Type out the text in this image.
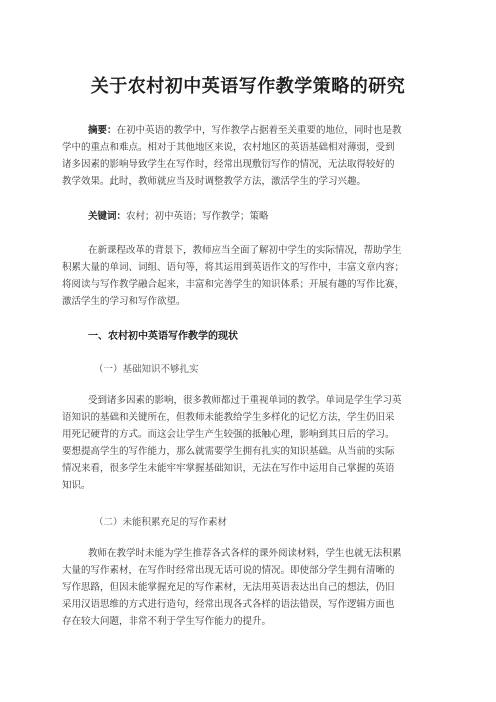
关于农村初中英语写作教学策略的研究
摘要：在初中英语的教学中，写作教学占据着至关重要的地位，同时也是教
学中的重点和难点。相对于其他地区来说，农村地区的英语基础相对薄弱，受到
诸多因素的影响导致学生在写作时，经常出现敷衍写作的情况，无法取得较好的
教学效果。此时，教师就应当及时调整教学方法，激活学生的学习兴趣。
关键词：农村；初中英语；写作教学；策略
在新课程改革的背景下，教师应当全面了解初中学生的实际情况，帮助学生
积累大量的单词、词组、语句等，将其运用到英语作文的写作中，丰富文章内容；
将阅读与写作教学融合起来，丰富和完善学生的知识体系；开展有趣的写作比赛，
激活学生的学习和写作欲望。
一、农村初中英语写作教学的现状
（一）基础知识不够扎实
受到诸多因素的影响，很多教师都过于重视单词的教学。单词是学生学习英
语知识的基础和关键所在，但教师未能教给学生多样化的记忆方法，学生仍旧采
用死记硬背的方式。而这会让学生产生较强的抵触心理，影响到其日后的学习。
要想提高学生的写作能力，那么就需要学生拥有扎实的知识基础。从当前的实际
情况来看，很多学生未能牢牢掌握基础知识，无法在写作中运用自己掌握的英语
知识。
（二）未能积累充足的写作素材
教师在教学时未能为学生推荐各式各样的课外阅读材料，学生也就无法积累
大量的写作素材，在写作时经常出现无话可说的情况。即使部分学生拥有清晰的
写作思路，但因未能掌握充足的写作素材，无法用英语表达出自己的想法，仍旧
采用汉语思维的方式进行造句，经常出现各式各样的语法错误，写作逻辑方面也
存在较大问题，非常不利于学生写作能力的提升。
